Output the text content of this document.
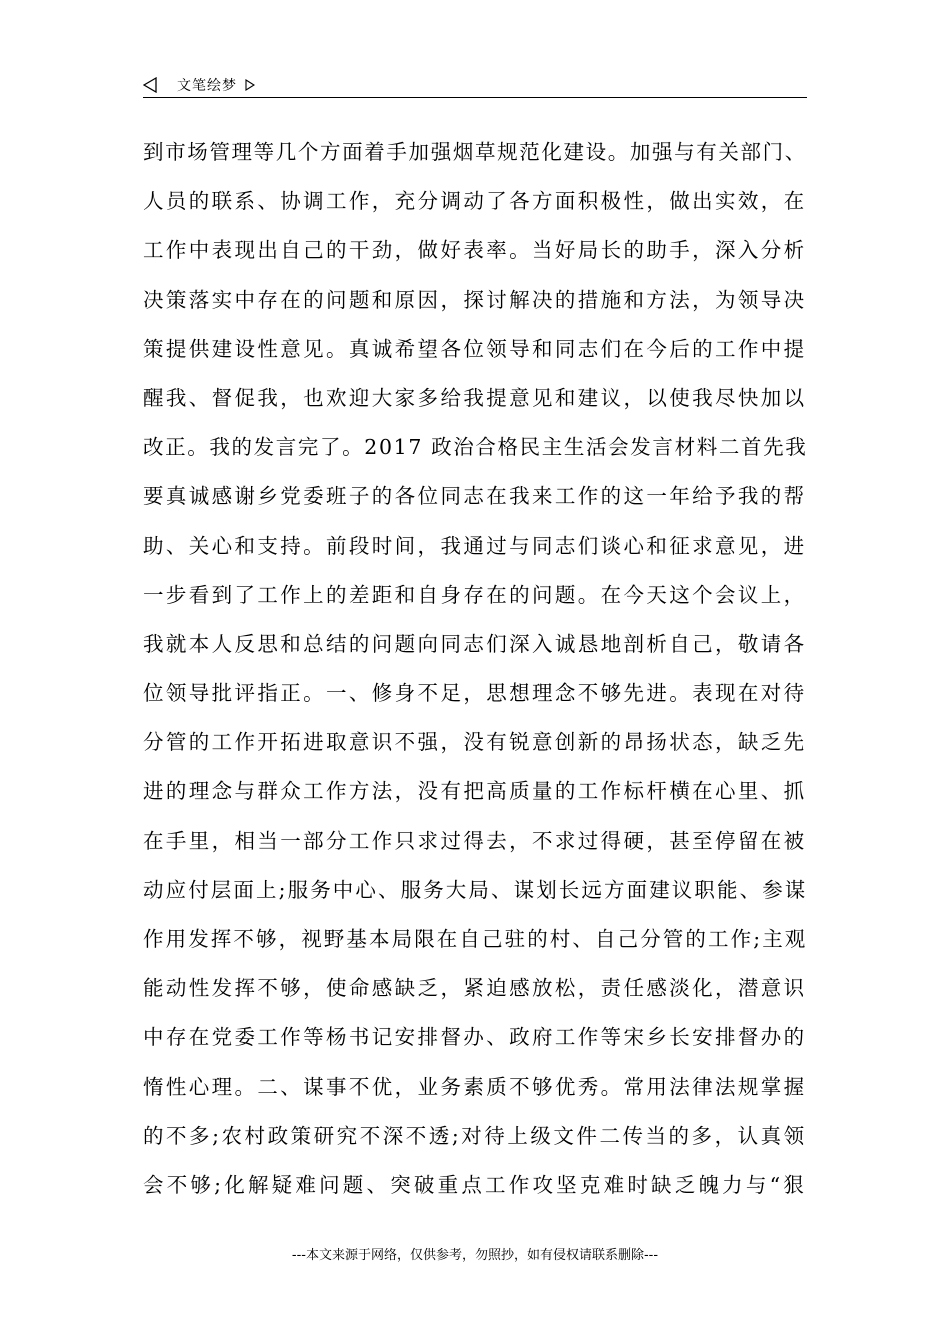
文笔绘梦
到市场管理等几个方面着手加强烟草规范化建设。加强与有关部门、
人员的联系、协调工作，充分调动了各方面积极性，做出实效，在
工作中表现出自己的干劲，做好表率。当好局长的助手，深入分析
决策落实中存在的问题和原因，探讨解决的措施和方法，为领导决
策提供建设性意见。真诚希望各位领导和同志们在今后的工作中提
醒我、督促我，也欢迎大家多给我提意见和建议，以使我尽快加以
改正。我的发言完了。2017 政治合格民主生活会发言材料二首先我
要真诚感谢乡党委班子的各位同志在我来工作的这一年给予我的帮
助、关心和支持。前段时间，我通过与同志们谈心和征求意见，进
一步看到了工作上的差距和自身存在的问题。在今天这个会议上，
我就本人反思和总结的问题向同志们深入诚恳地剖析自己，敬请各
位领导批评指正。一、修身不足，思想理念不够先进。表现在对待
分管的工作开拓进取意识不强，没有锐意创新的昂扬状态，缺乏先
进的理念与群众工作方法，没有把高质量的工作标杆横在心里、抓
在手里，相当一部分工作只求过得去，不求过得硬，甚至停留在被
动应付层面上;服务中心、服务大局、谋划长远方面建议职能、参谋
作用发挥不够，视野基本局限在自己驻的村、自己分管的工作;主观
能动性发挥不够，使命感缺乏，紧迫感放松，责任感淡化，潜意识
中存在党委工作等杨书记安排督办、政府工作等宋乡长安排督办的
惰性心理。二、谋事不优，业务素质不够优秀。常用法律法规掌握
的不多;农村政策研究不深不透;对待上级文件二传当的多，认真领
会不够;化解疑难问题、突破重点工作攻坚克难时缺乏魄力与“狠
---本文来源于网络，仅供参考，勿照抄，如有侵权请联系删除---
